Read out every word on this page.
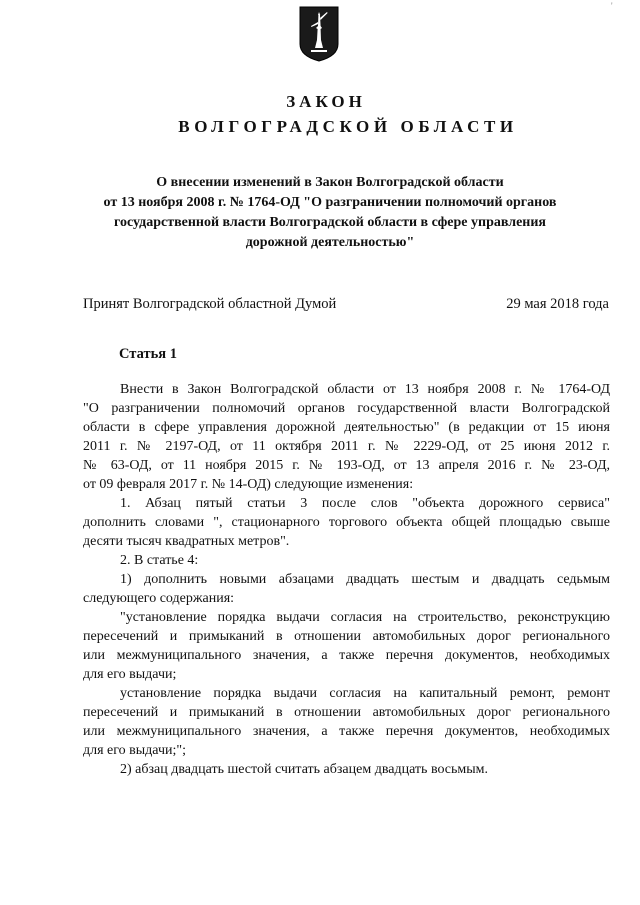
'
ЗАКОН
ВОЛГОГРАДСКОЙ ОБЛАСТИ

О внесении изменений в Закон Волгоградской области
от 13 ноября 2008 г. № 1764-ОД "О разграничении полномочий органов
государственной власти Волгоградской области в сфере управления
дорожной деятельностью"

Принят Волгоградской областной Думой	29 мая 2018 года
Статья 1
Внести в Закон Волгоградской области от 13 ноября 2008 г. № 1764-ОД
"О разграничении полномочий органов государственной власти Волгоградской
области в сфере управления дорожной деятельностью" (в редакции от 15 июня
2011 г. № 2197-ОД, от 11 октября 2011 г. № 2229-ОД, от 25 июня 2012 г.
№ 63-ОД, от 11 ноября 2015 г. № 193-ОД, от 13 апреля 2016 г. № 23-ОД,
от 09 февраля 2017 г. № 14-ОД) следующие изменения:
1. Абзац пятый статьи 3 после слов "объекта дорожного сервиса"
дополнить словами ", стационарного торгового объекта общей площадью свыше
десяти тысяч квадратных метров".
2. В статье 4:
1) дополнить новыми абзацами двадцать шестым и двадцать седьмым
следующего содержания:
"установление порядка выдачи согласия на строительство, реконструкцию
пересечений и примыканий в отношении автомобильных дорог регионального
или межмуниципального значения, а также перечня документов, необходимых
для его выдачи;
установление порядка выдачи согласия на капитальный ремонт, ремонт
пересечений и примыканий в отношении автомобильных дорог регионального
или межмуниципального значения, а также перечня документов, необходимых
для его выдачи;";
2) абзац двадцать шестой считать абзацем двадцать восьмым.
